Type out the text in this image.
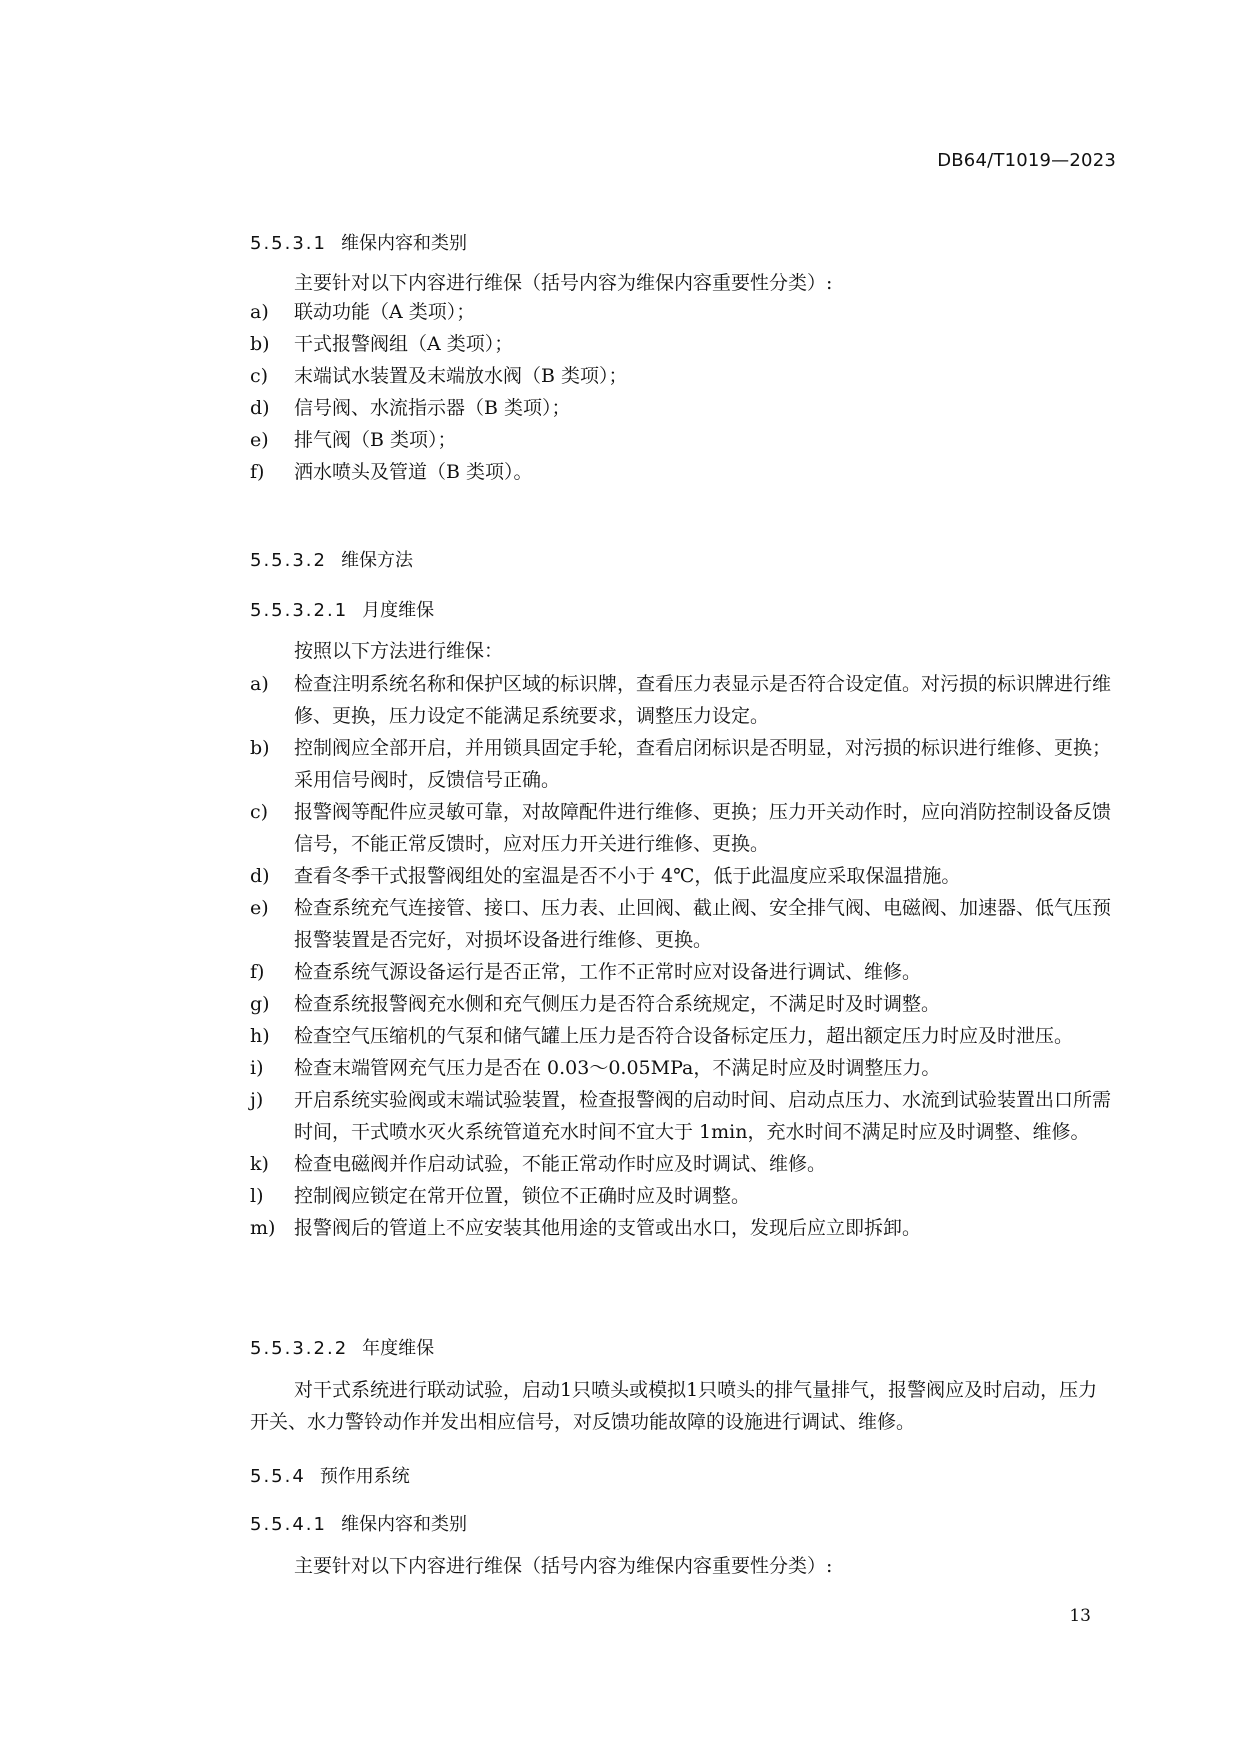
DB64/T1019—2023
5.5.3.1 维保内容和类别

主要针对以下内容进行维保（括号内容为维保内容重要性分类）:

a)	联动功能（A 类项）；
b)	干式报警阀组（A 类项）；
c)	末端试水装置及末端放水阀（B 类项）；
d)	信号阀、水流指示器（B 类项）；
e)	排气阀（B 类项）；
f)	洒水喷头及管道（B 类项）。
5.5.3.2 维保方法
5.5.3.2.1 月度维保

按照以下方法进行维保：

a)	检查注明系统名称和保护区域的标识牌，查看压力表显示是否符合设定值。对污损的标识牌进行维修、更换，压力设定不能满足系统要求，调整压力设定。
b)	控制阀应全部开启，并用锁具固定手轮，查看启闭标识是否明显，对污损的标识进行维修、更换；采用信号阀时，反馈信号正确。
c)	报警阀等配件应灵敏可靠，对故障配件进行维修、更换；压力开关动作时，应向消防控制设备反馈信号，不能正常反馈时，应对压力开关进行维修、更换。
d)	查看冬季干式报警阀组处的室温是否不小于 4℃，低于此温度应采取保温措施。
e)	检查系统充气连接管、接口、压力表、止回阀、截止阀、安全排气阀、电磁阀、加速器、低气压预报警装置是否完好，对损坏设备进行维修、更换。
f)	检查系统气源设备运行是否正常，工作不正常时应对设备进行调试、维修。
g)	检查系统报警阀充水侧和充气侧压力是否符合系统规定，不满足时及时调整。
h)	检查空气压缩机的气泵和储气罐上压力是否符合设备标定压力，超出额定压力时应及时泄压。
i)	检查末端管网充气压力是否在 0.03～0.05MPa，不满足时应及时调整压力。
j)	开启系统实验阀或末端试验装置，检查报警阀的启动时间、启动点压力、水流到试验装置出口所需时间，干式喷水灭火系统管道充水时间不宜大于 1min，充水时间不满足时应及时调整、维修。
k)	检查电磁阀并作启动试验，不能正常动作时应及时调试、维修。
l)	控制阀应锁定在常开位置，锁位不正确时应及时调整。
m) 报警阀后的管道上不应安装其他用途的支管或出水口，发现后应立即拆卸。
5.5.3.2.2 年度维保

对干式系统进行联动试验，启动1只喷头或模拟1只喷头的排气量排气，报警阀应及时启动，压力开关、水力警铃动作并发出相应信号，对反馈功能故障的设施进行调试、维修。

5.5.4 预作用系统
5.5.4.1 维保内容和类别

主要针对以下内容进行维保（括号内容为维保内容重要性分类）:

13
